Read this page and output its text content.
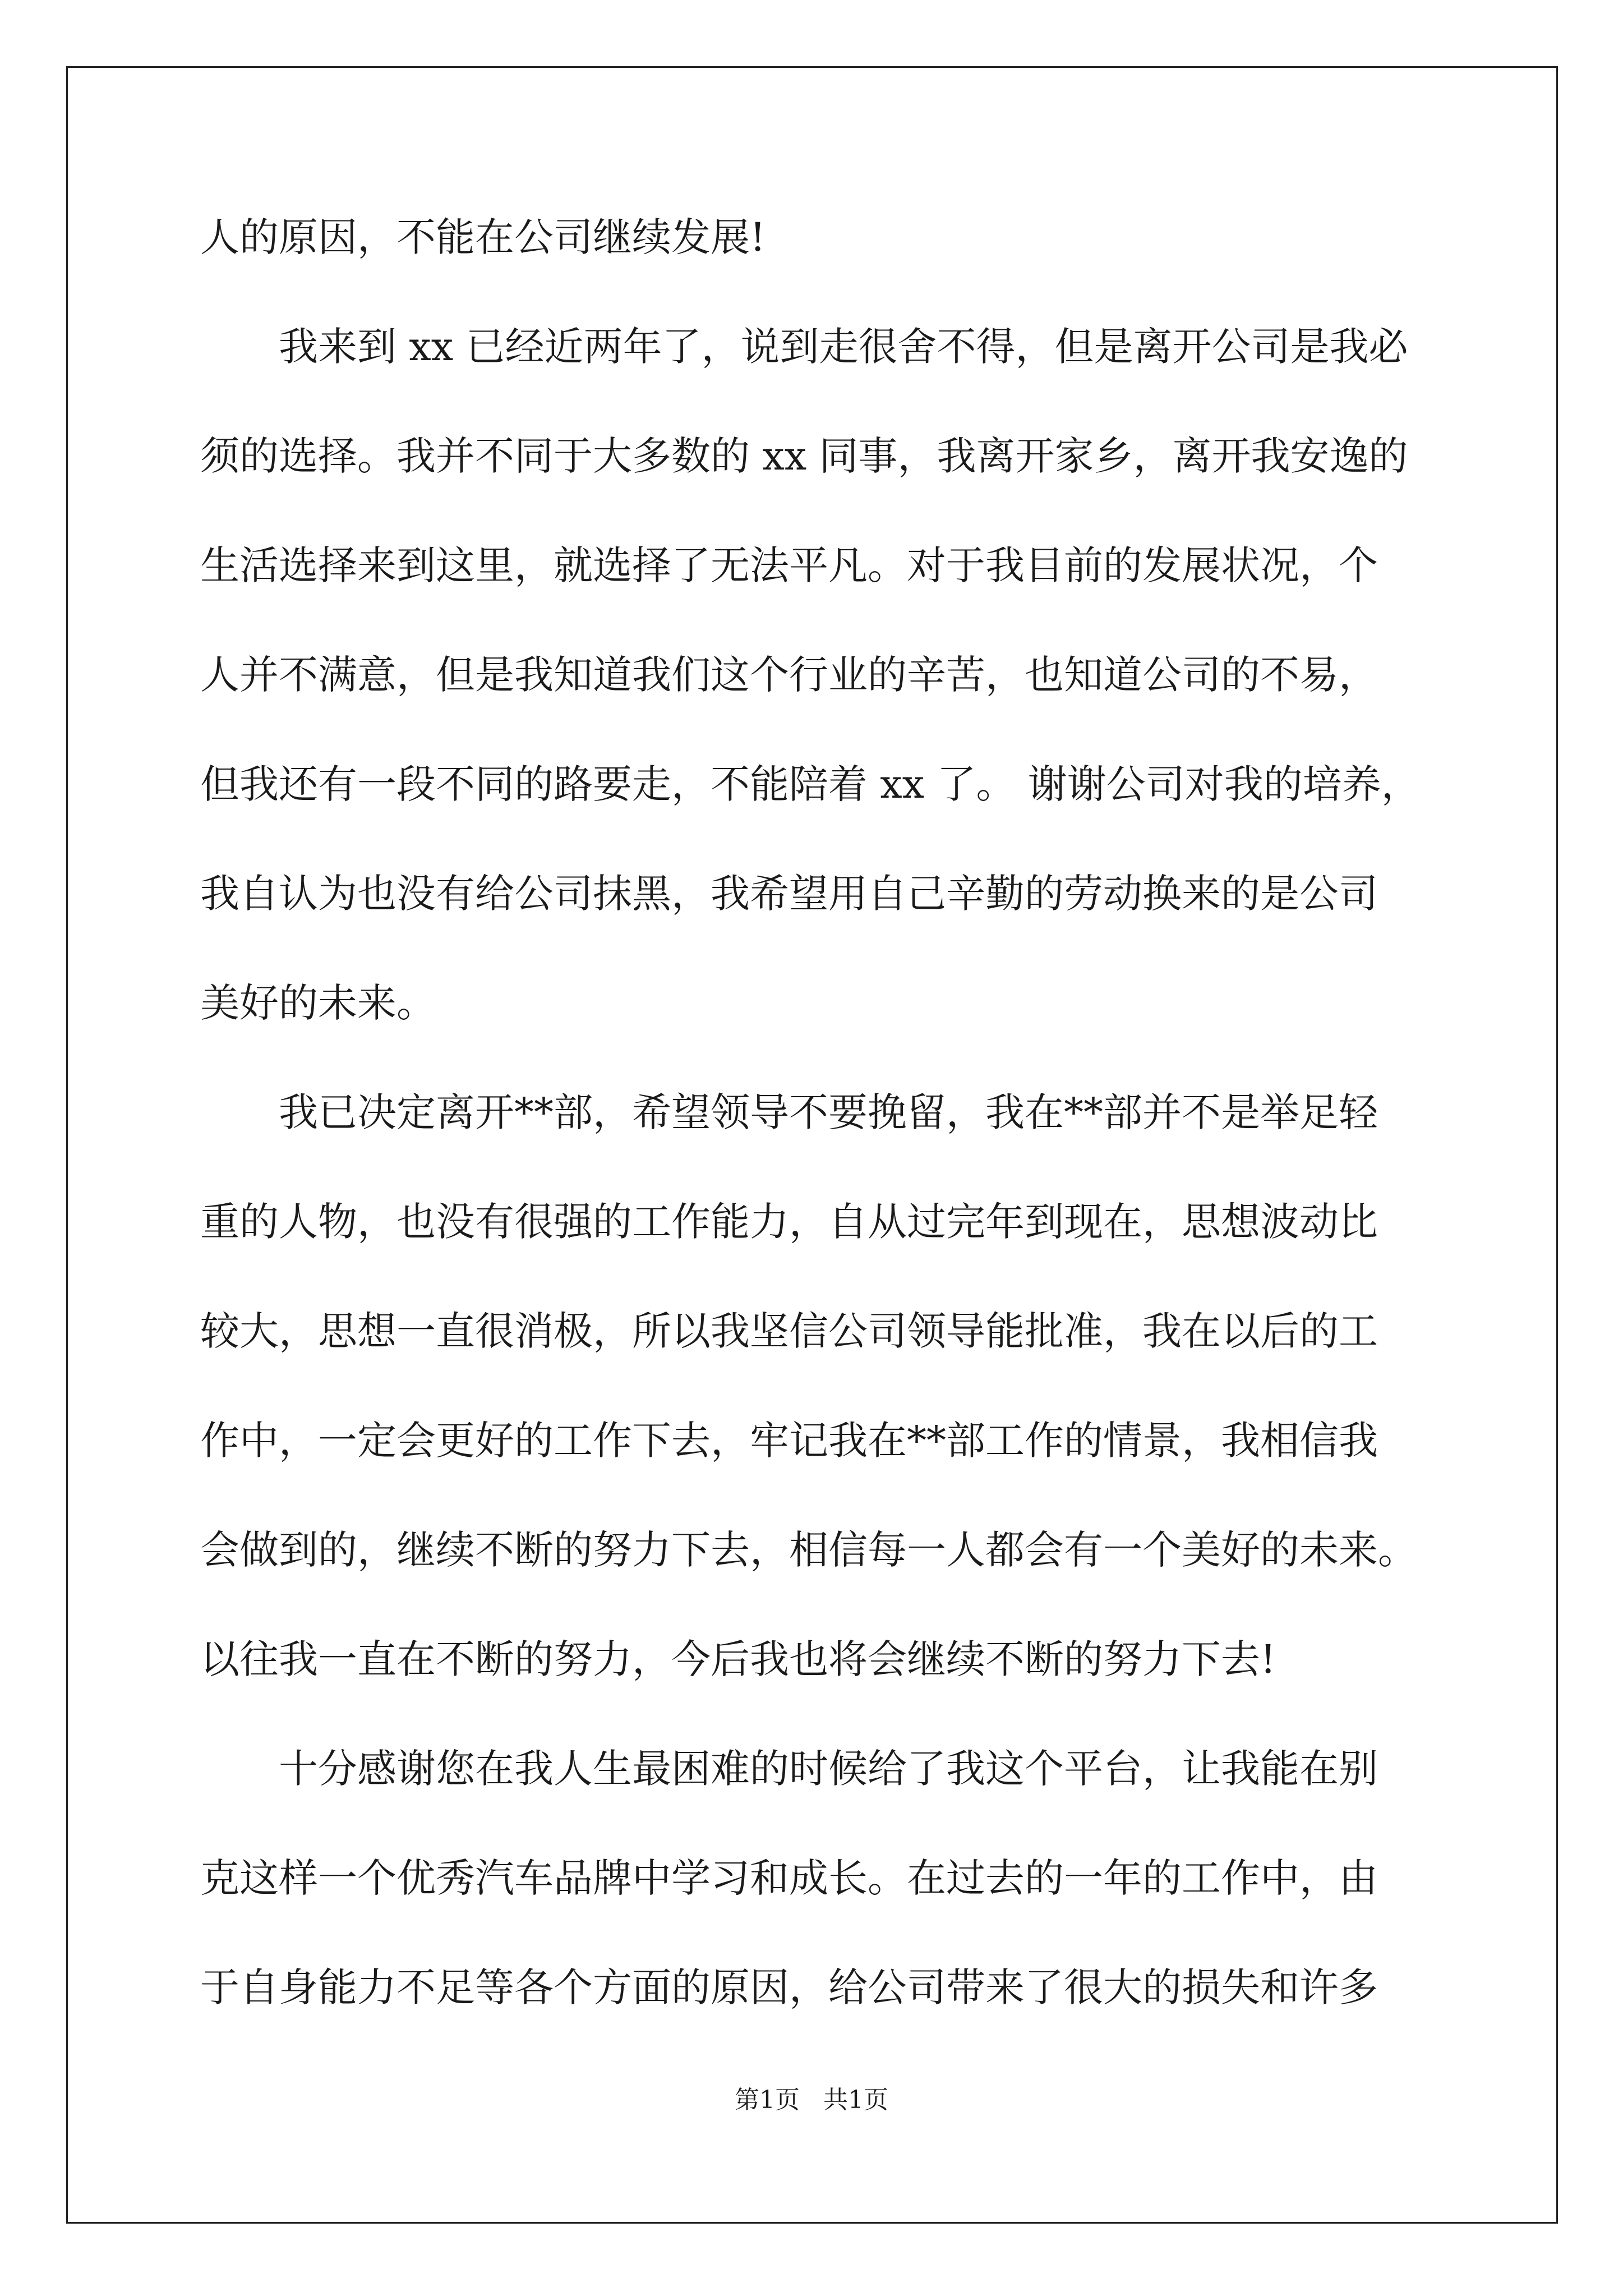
人的原因，不能在公司继续发展!
我来到 xx 已经近两年了，说到走很舍不得，但是离开公司是我必
须的选择。我并不同于大多数的 xx 同事，我离开家乡，离开我安逸的
生活选择来到这里，就选择了无法平凡。对于我目前的发展状况，个
人并不满意，但是我知道我们这个行业的辛苦，也知道公司的不易，
但我还有一段不同的路要走，不能陪着 xx 了。 谢谢公司对我的培养，
我自认为也没有给公司抹黑，我希望用自己辛勤的劳动换来的是公司
美好的未来。
我已决定离开**部，希望领导不要挽留，我在**部并不是举足轻
重的人物，也没有很强的工作能力，自从过完年到现在，思想波动比
较大，思想一直很消极，所以我坚信公司领导能批准，我在以后的工
作中，一定会更好的工作下去，牢记我在**部工作的情景，我相信我
会做到的，继续不断的努力下去，相信每一人都会有一个美好的未来。
以往我一直在不断的努力，今后我也将会继续不断的努力下去!
十分感谢您在我人生最困难的时候给了我这个平台，让我能在别
克这样一个优秀汽车品牌中学习和成长。在过去的一年的工作中，由
于自身能力不足等各个方面的原因，给公司带来了很大的损失和许多
第1页   共1页
